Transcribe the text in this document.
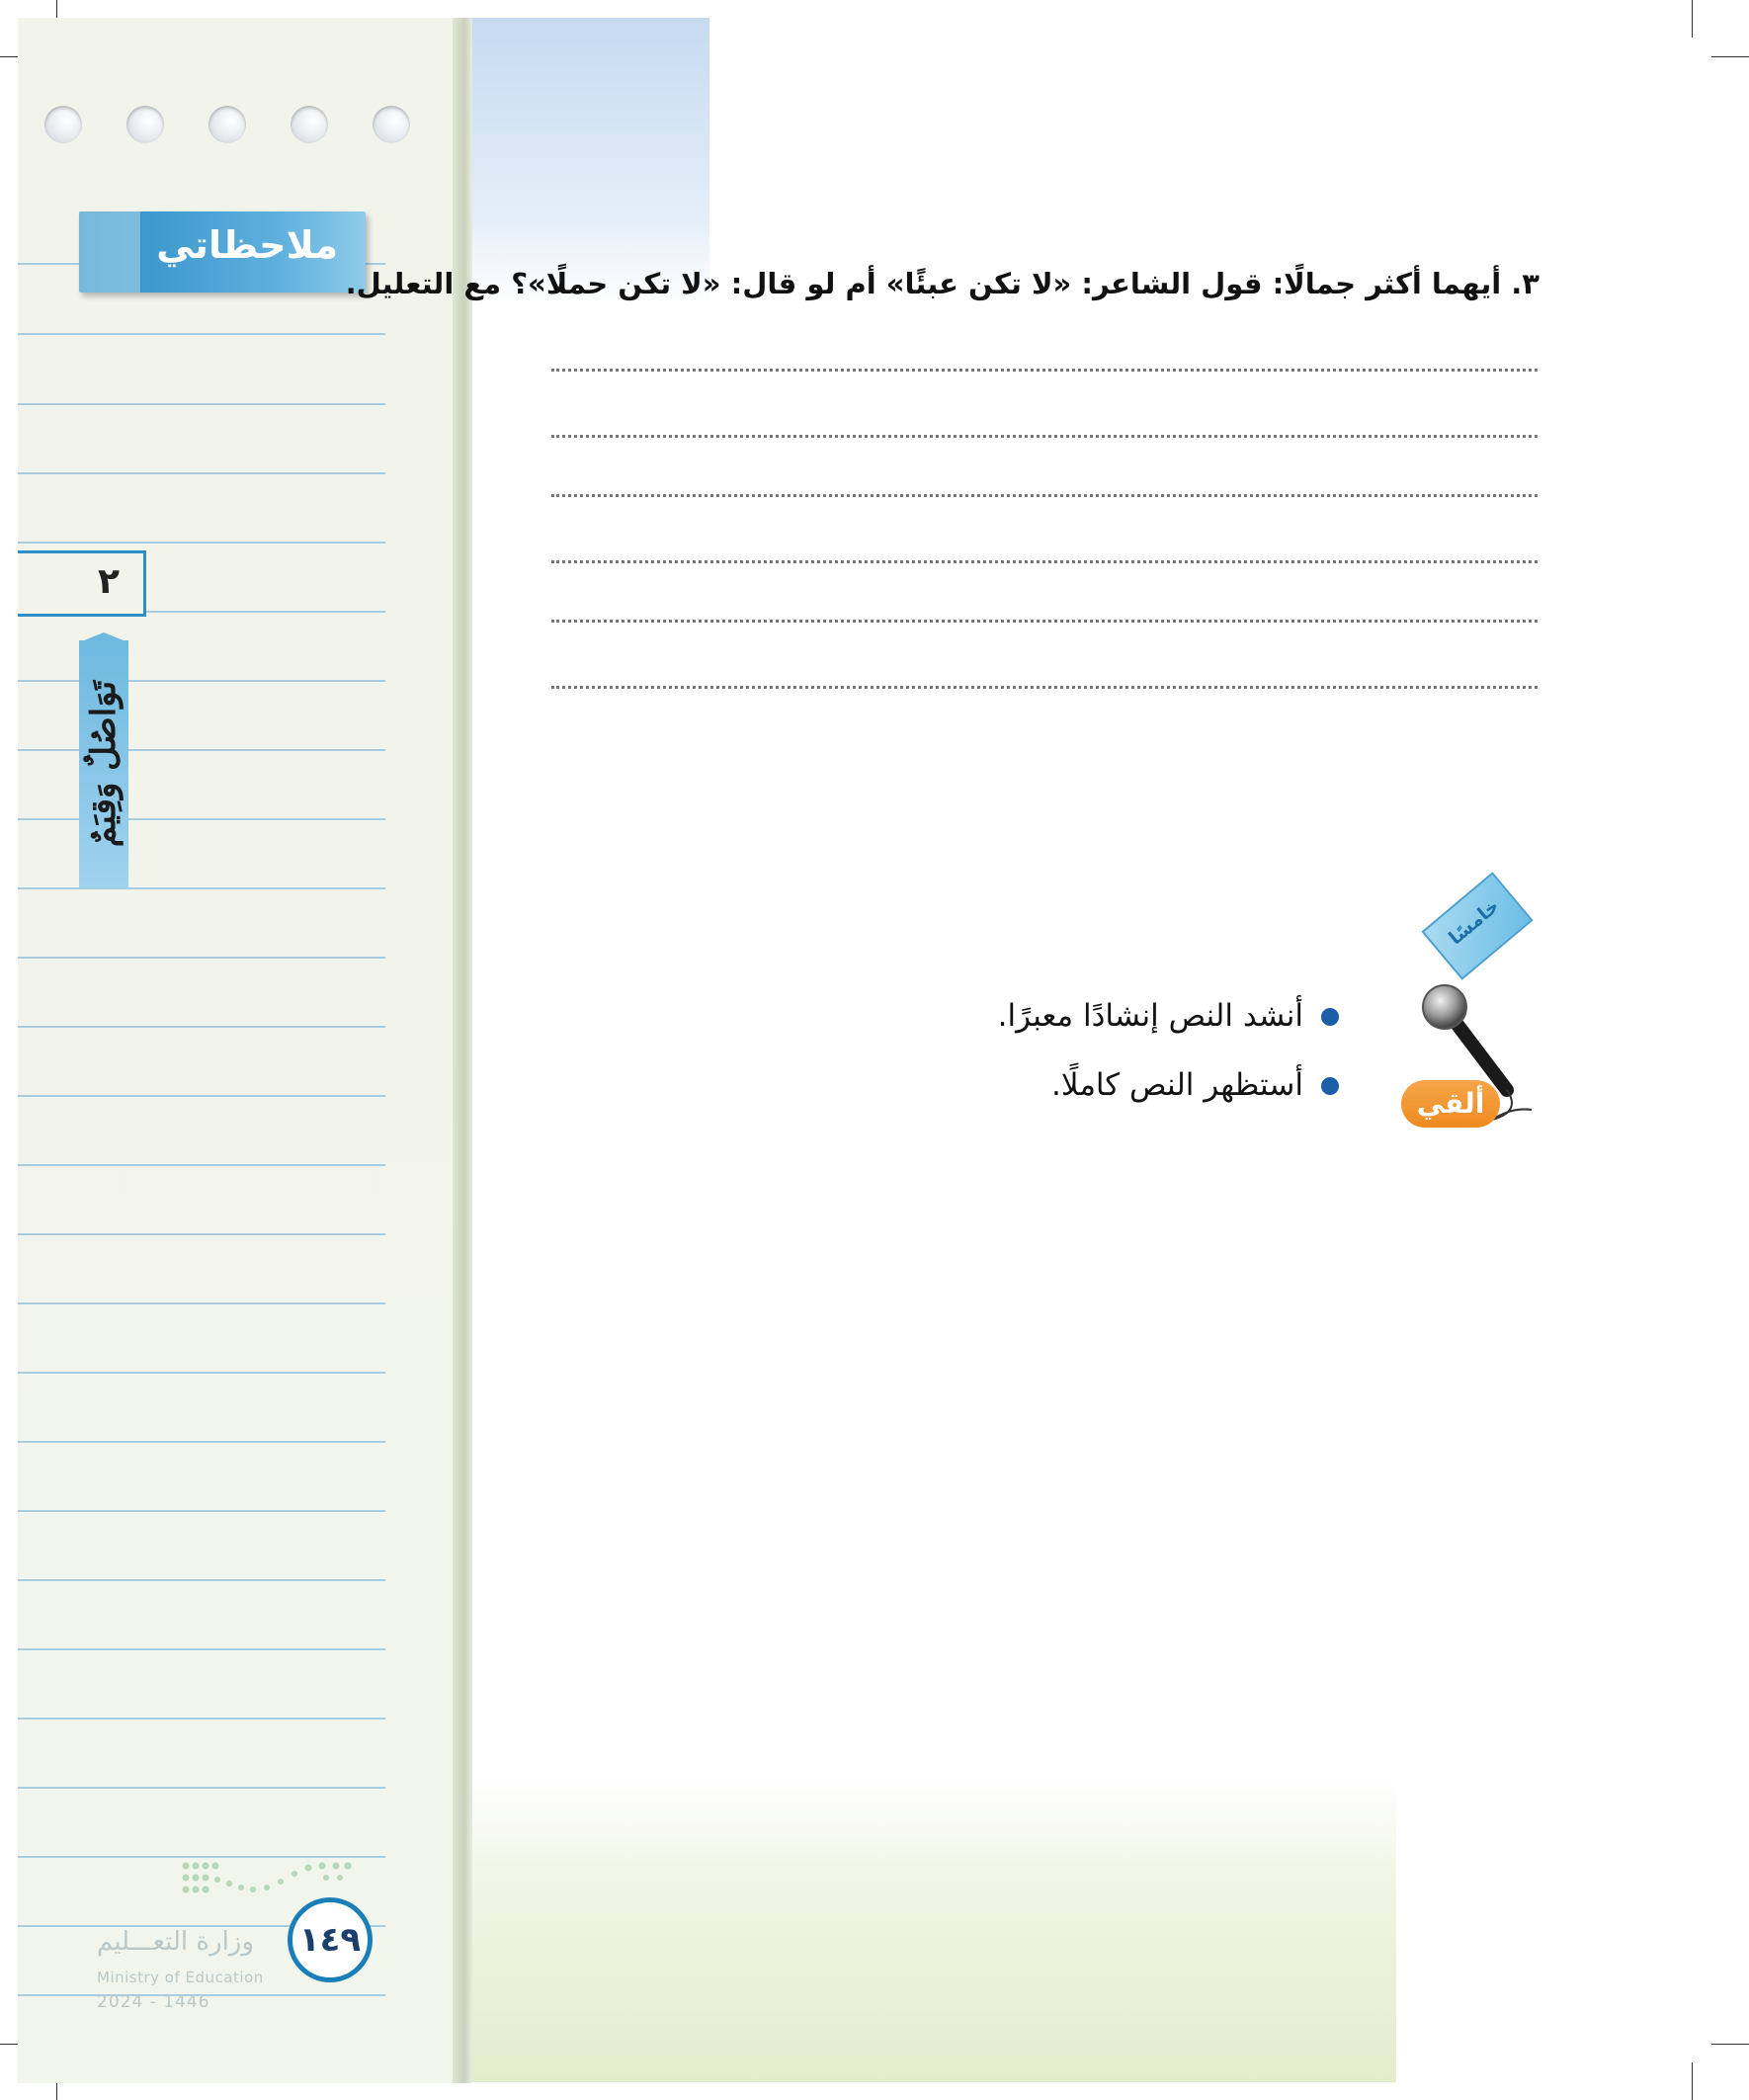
ملاحظاتي
٢
تَوَاصُلٌ وَقِيَمٌ
٣. أيهما أكثر جمالًا: قول الشاعر: «لا تكن عبئًا» أم لو قال: «لا تكن حملًا»؟ مع التعليل.
خامسًا
ألقي
أنشد النص إنشادًا معبرًا.
أستظهر النص كاملًا.
١٤٩
وزارة التعـــليم
Ministry of Education
2024 - 1446
